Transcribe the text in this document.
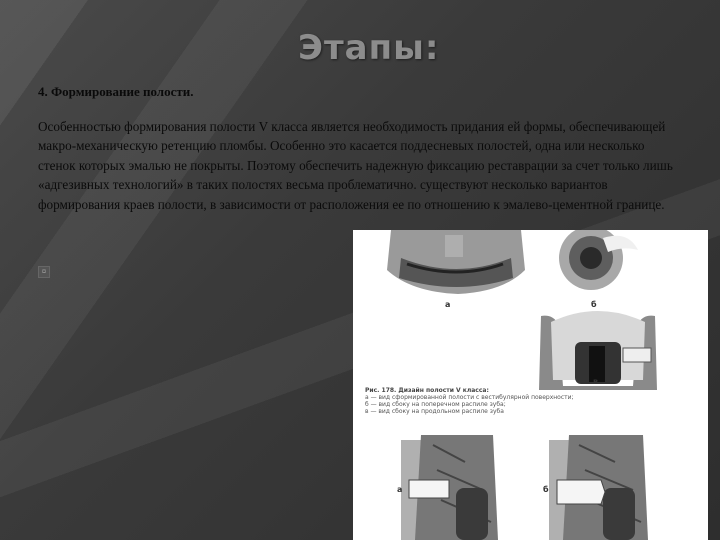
Этапы:
4. Формирование полости.
Особенностью формирования полости V класса является необходимость придания ей формы, обеспечивающей макро-механическую ретенцию пломбы. Особенно это касается поддесневых полостей, одна или несколько стенок которых эмалью не покрыты. Поэтому обеспечить надежную фиксацию реставрации за счет только лишь «адгезивных технологий» в таких полостях весьма проблематично. существуют несколько вариантов формирования краев полости, в зависимости от расположения ее по отношению к эмалево-цементной границе.
¤
а	б
в
а	б
Рис. 178. Дизайн полости V класса:
а — вид сформированной полости с вестибулярной поверхности;
б — вид сбоку на поперечном распиле зуба;
в — вид сбоку на продольном распиле зуба
